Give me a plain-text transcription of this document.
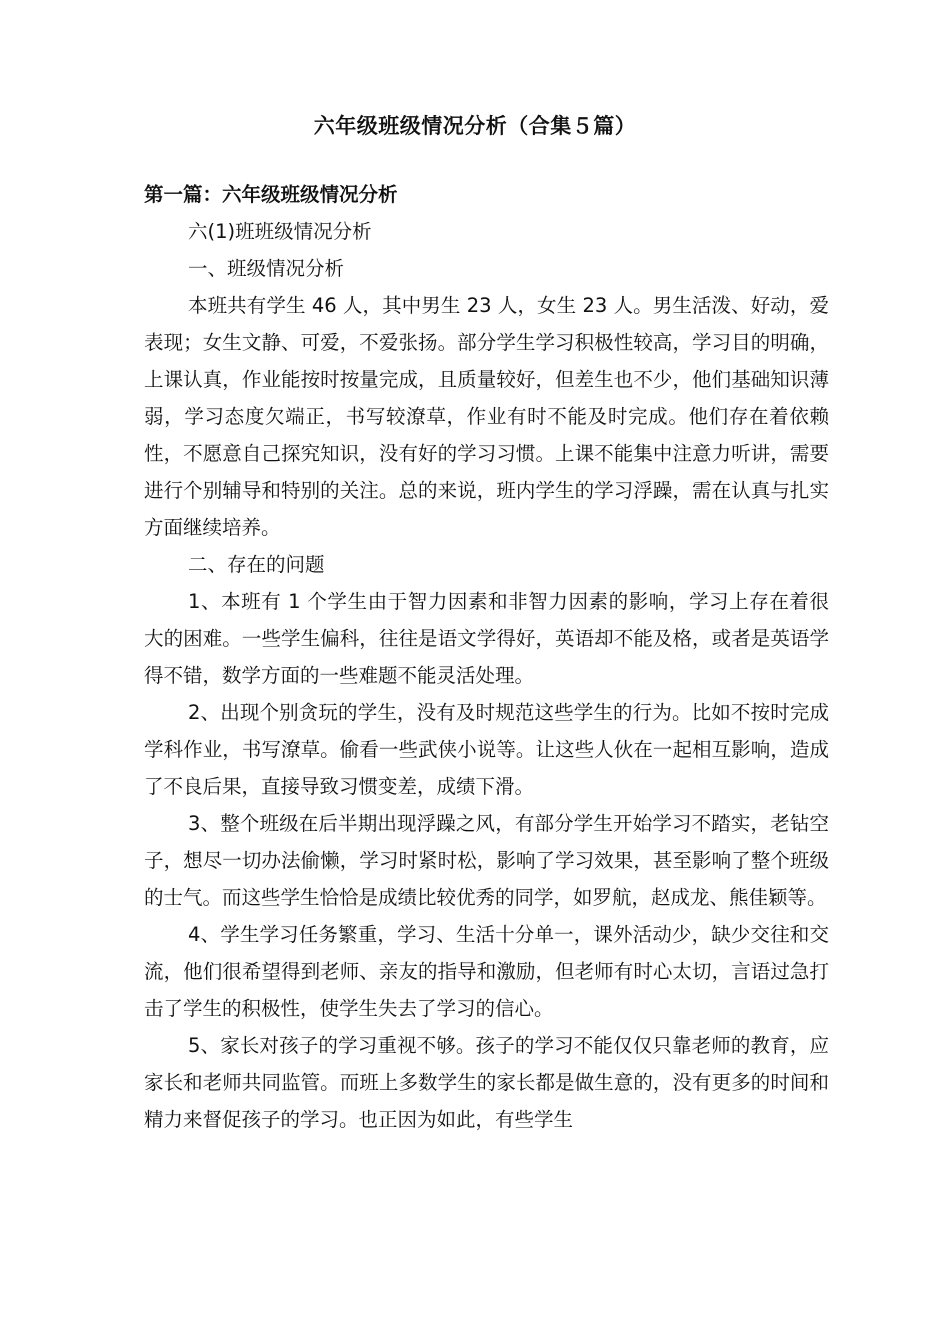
六年级班级情况分析（合集５篇）

第一篇：六年级班级情况分析

六(1)班班级情况分析

一、班级情况分析

本班共有学生 46 人，其中男生 23 人，女生 23 人。男生活泼、好动，爱表现；女生文静、可爱，不爱张扬。部分学生学习积极性较高，学习目的明确，上课认真，作业能按时按量完成，且质量较好，但差生也不少，他们基础知识薄弱，学习态度欠端正，书写较潦草，作业有时不能及时完成。他们存在着依赖性，不愿意自己探究知识，没有好的学习习惯。上课不能集中注意力听讲，需要进行个别辅导和特别的关注。总的来说，班内学生的学习浮躁，需在认真与扎实方面继续培养。

二、存在的问题

1、本班有 1 个学生由于智力因素和非智力因素的影响，学习上存在着很大的困难。一些学生偏科，往往是语文学得好，英语却不能及格，或者是英语学得不错，数学方面的一些难题不能灵活处理。

2、出现个别贪玩的学生，没有及时规范这些学生的行为。比如不按时完成学科作业，书写潦草。偷看一些武侠小说等。让这些人伙在一起相互影响，造成了不良后果，直接导致习惯变差，成绩下滑。

3、整个班级在后半期出现浮躁之风，有部分学生开始学习不踏实，老钻空子，想尽一切办法偷懒，学习时紧时松，影响了学习效果，甚至影响了整个班级的士气。而这些学生恰恰是成绩比较优秀的同学，如罗航，赵成龙、熊佳颖等。

4、学生学习任务繁重，学习、生活十分单一，课外活动少，缺少交往和交流，他们很希望得到老师、亲友的指导和激励，但老师有时心太切，言语过急打击了学生的积极性，使学生失去了学习的信心。

5、家长对孩子的学习重视不够。孩子的学习不能仅仅只靠老师的教育，应家长和老师共同监管。而班上多数学生的家长都是做生意的，没有更多的时间和精力来督促孩子的学习。也正因为如此，有些学生
